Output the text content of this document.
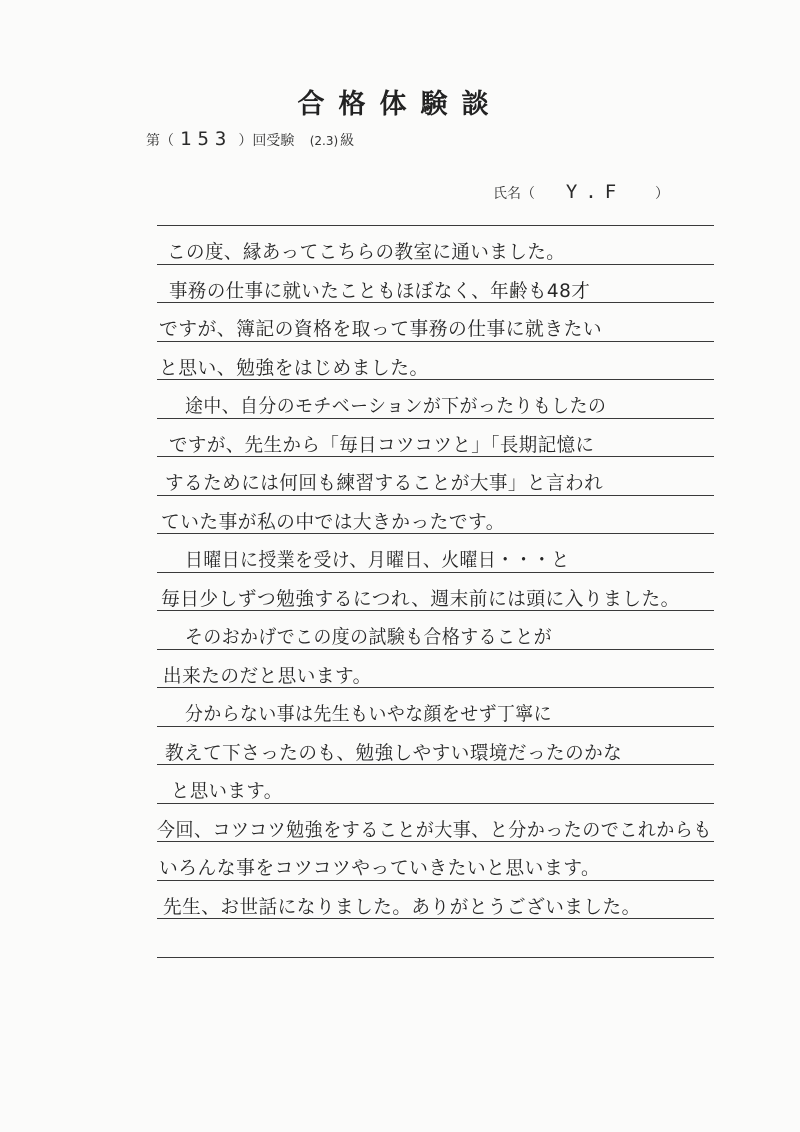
合格体験談
第（ 153 ）回受験 (2.3) 級
氏名（ Y.F ）
この度、縁あってこちらの教室に通いました。
事務の仕事に就いたこともほぼなく、年齢も48才
ですが、簿記の資格を取って事務の仕事に就きたい
と思い、勉強をはじめました。
途中、自分のモチベーションが下がったりもしたの
ですが、先生から「毎日コツコツと」「長期記憶に
するためには何回も練習することが大事」と言われ
ていた事が私の中では大きかったです。
日曜日に授業を受け、月曜日、火曜日・・・と
毎日少しずつ勉強するにつれ、週末前には頭に入りました。
そのおかげでこの度の試験も合格することが
出来たのだと思います。
分からない事は先生もいやな顔をせず丁寧に
教えて下さったのも、勉強しやすい環境だったのかな
と思います。
今回、コツコツ勉強をすることが大事、と分かったのでこれからも
いろんな事をコツコツやっていきたいと思います。
先生、お世話になりました。ありがとうございました。
